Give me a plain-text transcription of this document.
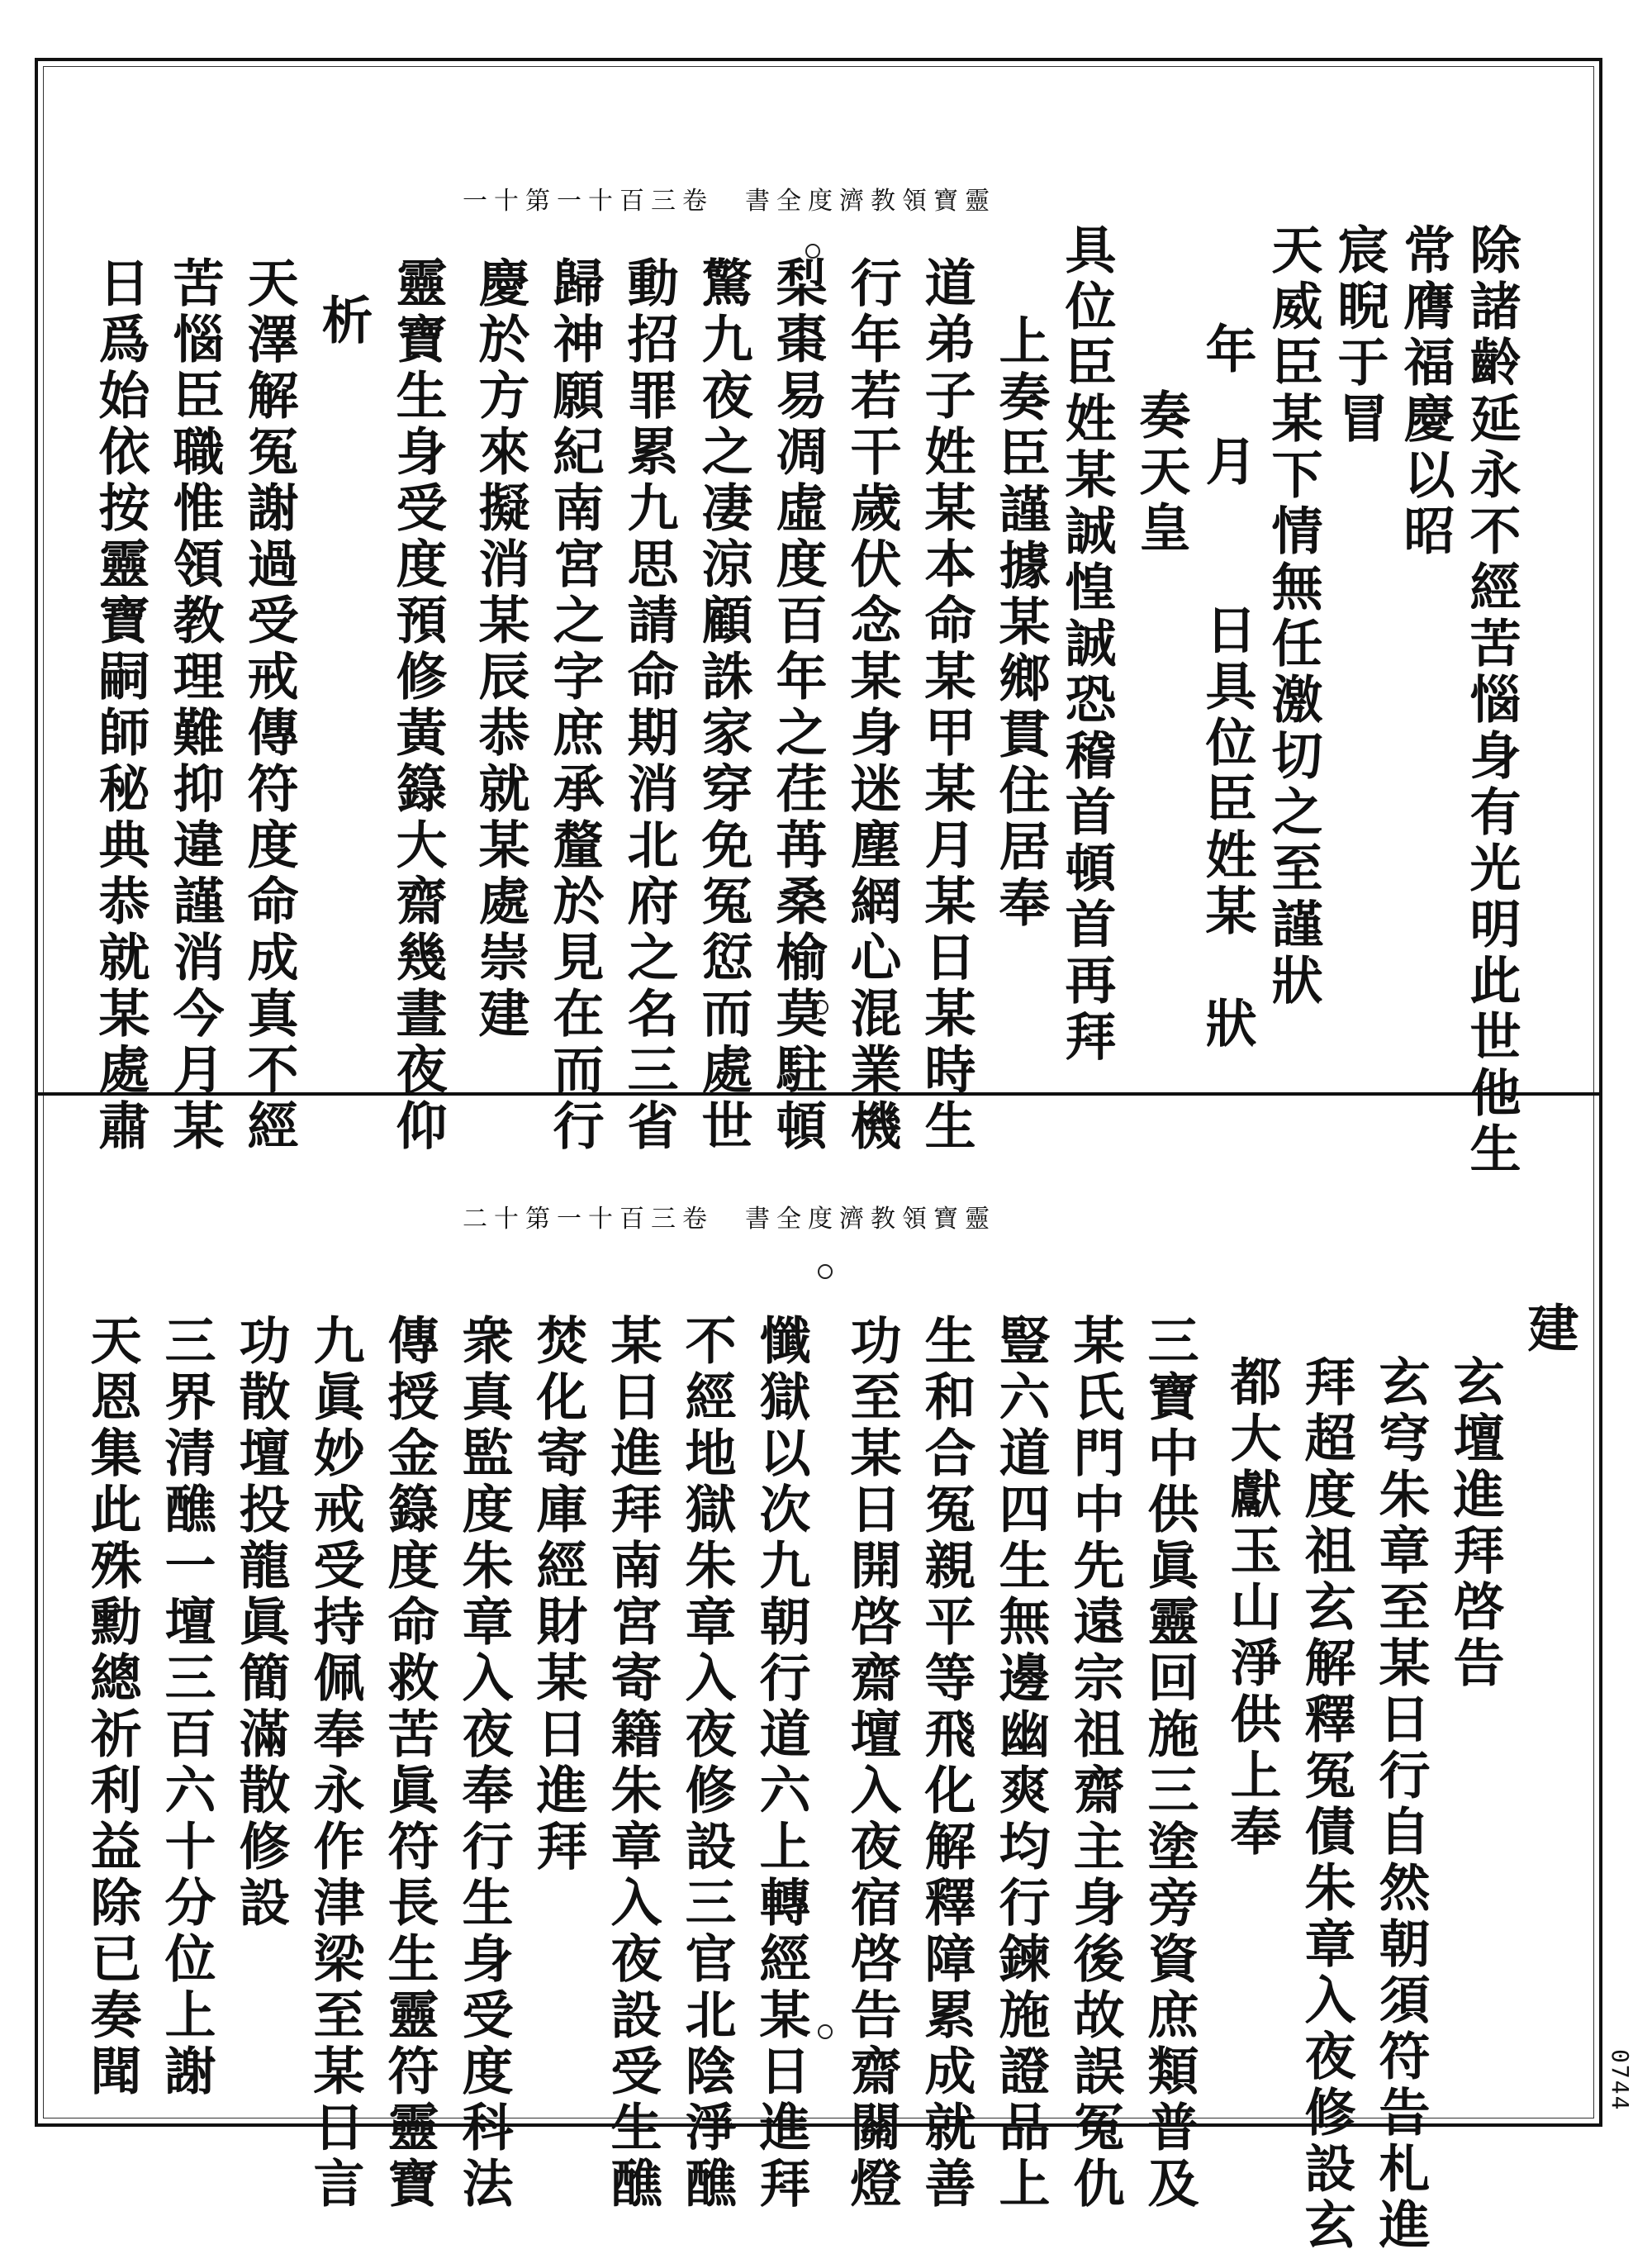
一十第一十百三卷　書全度濟教領寶靈
除諸齡延永不經苦惱身有光明此世他生
常膺福慶以昭
宸睨于冒
天威臣某下情無任激切之至謹狀
年　月　　日具位臣姓某　狀
奏天皇
具位臣姓某誠惶誠恐稽首頓首再拜
上奏臣謹據某鄉貫住居奉
道弟子姓某本命某甲某月某日某時生
行年若干歲伏念某身迷塵網心混業機
梨棗易凋虛度百年之荏苒桑榆莫駐頓
驚九夜之凄涼顧誅家穿免冤愆而處世
動招罪累九思請命期消北府之名三省
歸神願紀南宮之字庶承釐於見在而行
慶於方來擬消某辰恭就某處崇建
靈寶生身受度預修黃籙大齋幾晝夜仰
析
天澤解冤謝過受戒傳符度命成真不經
苦惱臣職惟領教理難抑違謹消今月某
日爲始依按靈寶嗣師秘典恭就某處肅
二十第一十百三卷　書全度濟教領寶靈
建
玄壇進拜啓告
玄穹朱章至某日行自然朝須符告札進
拜超度祖玄解釋冤債朱章入夜修設玄
都大獻玉山淨供上奉
三寶中供眞靈回施三塗旁資庶類普及
某氏門中先遠宗祖齋主身後故誤冤仇
豎六道四生無邊幽爽均行鍊施證品上
生和合冤親平等飛化解釋障累成就善
功至某日開啓齋壇入夜宿啓告齋關燈
懺獄以次九朝行道六上轉經某日進拜
不經地獄朱章入夜修設三官北陰淨醮
某日進拜南宮寄籍朱章入夜設受生醮
焚化寄庫經財某日進拜
衆真監度朱章入夜奉行生身受度科法
傳授金籙度命救苦眞符長生靈符靈寶
九眞妙戒受持佩奉永作津梁至某日言
功散壇投龍眞簡滿散修設
三界清醮一壇三百六十分位上謝
天恩集此殊勳總祈利益除已奏聞	0744
